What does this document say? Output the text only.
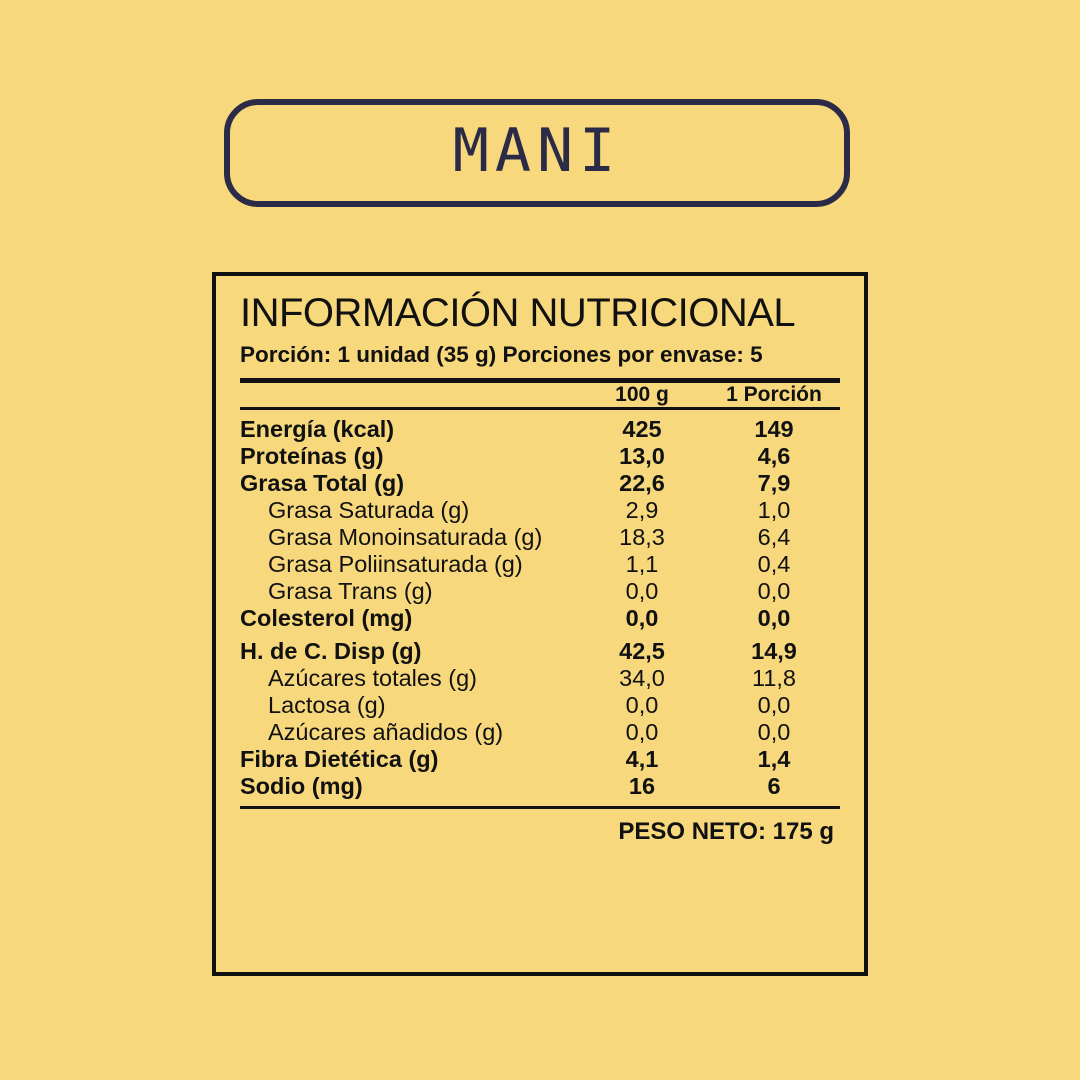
MANI
INFORMACIÓN NUTRICIONAL
Porción: 1 unidad (35 g) Porciones por envase: 5
	100 g	1 Porción

Energía (kcal)	425	149
Proteínas (g)	13,0	4,6
Grasa Total (g)	22,6	7,9
Grasa Saturada (g)	2,9	1,0
Grasa Monoinsaturada (g)	18,3	6,4
Grasa Poliinsaturada (g)	1,1	0,4
Grasa Trans (g)	0,0	0,0
Colesterol (mg)	0,0	0,0

H. de C. Disp (g)	42,5	14,9
Azúcares totales (g)	34,0	11,8
Lactosa (g)	0,0	0,0
Azúcares añadidos (g)	0,0	0,0
Fibra Dietética (g)	4,1	1,4
Sodio (mg)	16	6

PESO NETO: 175 g
